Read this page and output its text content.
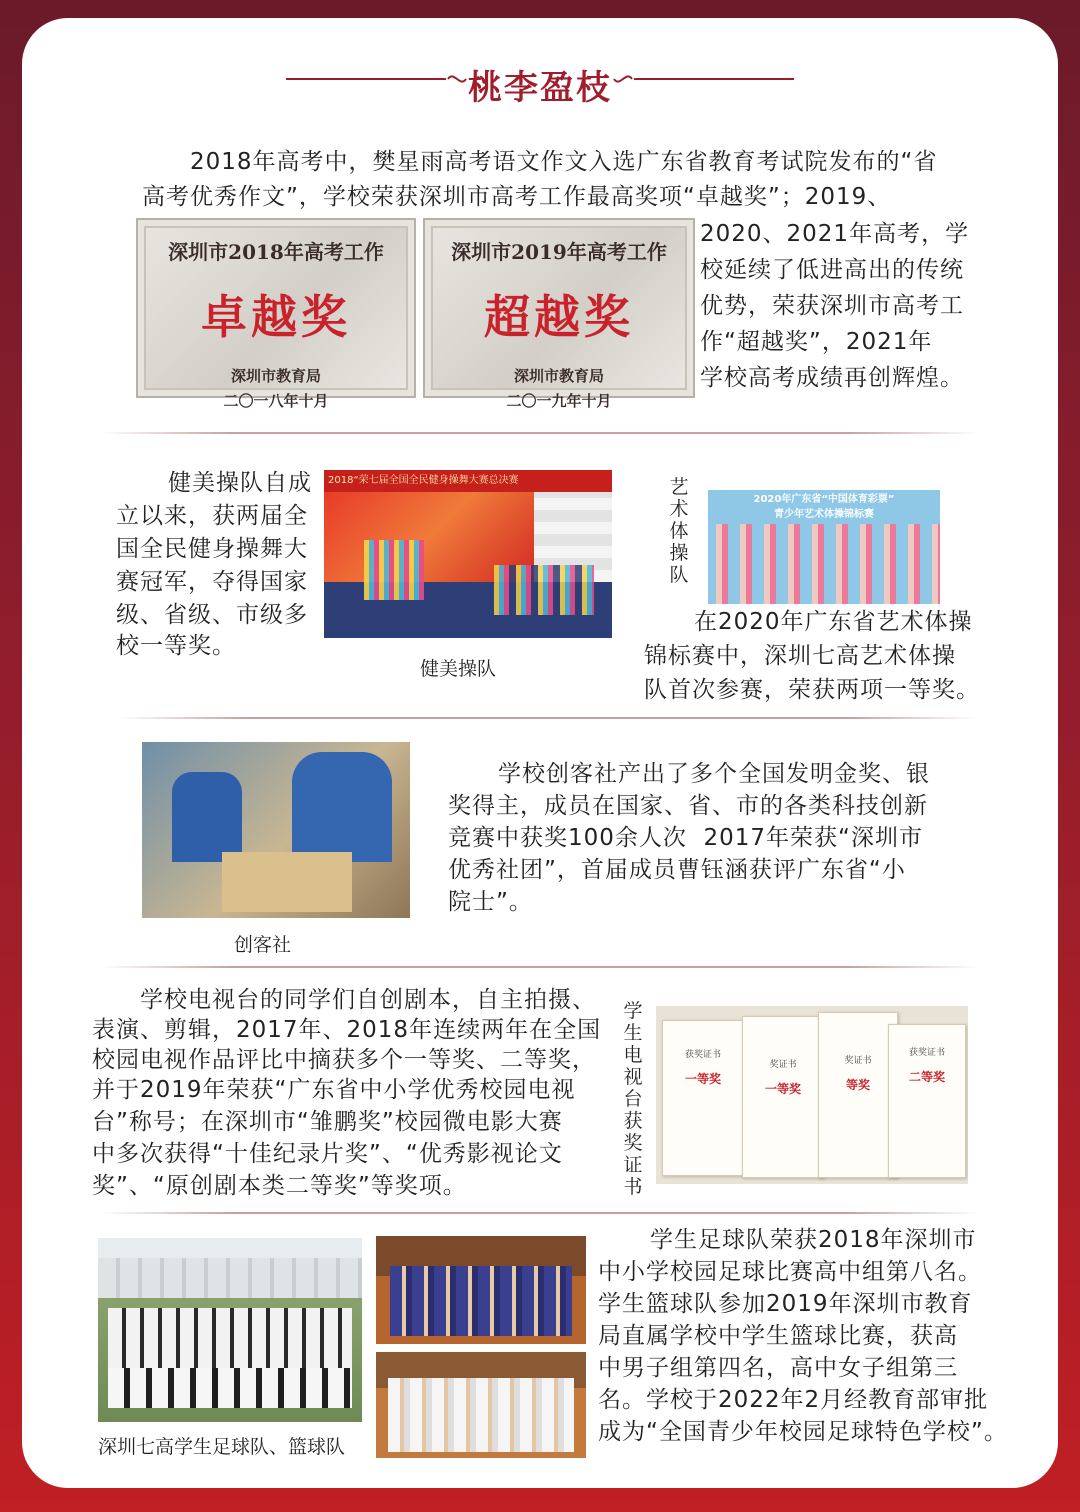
桃李盈枝
2018年高考中，樊星雨高考语文作文入选广东省教育考试院发布的“省
高考优秀作文”，学校荣获深圳市高考工作最高奖项“卓越奖”；2019、
2020、2021年高考，学
校延续了低进高出的传统
优势，荣获深圳市高考工
作“超越奖”，2021年
学校高考成绩再创辉煌。
深圳市2018年高考工作
卓越奖
深圳市教育局
二〇一八年十月
深圳市2019年高考工作
超越奖
深圳市教育局
二〇一九年十月
健美操队自成
立以来，获两届全
国全民健身操舞大
赛冠军，夺得国家
级、省级、市级多
校一等奖。
2018“荣七届全国全民健身操舞大赛总决赛
健美操队
艺术体操队
2020年广东省“中国体育彩票”
青少年艺术体操锦标赛
在2020年广东省艺术体操
锦标赛中，深圳七高艺术体操
队首次参赛，荣获两项一等奖。
创客社
学校创客社产出了多个全国发明金奖、银
奖得主，成员在国家、省、市的各类科技创新
竞赛中获奖100余人次  2017年荣获“深圳市
优秀社团”，首届成员曹钰涵获评广东省“小
院士”。
学校电视台的同学们自创剧本，自主拍摄、
表演、剪辑，2017年、2018年连续两年在全国
校园电视作品评比中摘获多个一等奖、二等奖，
并于2019年荣获“广东省中小学优秀校园电视
台”称号；在深圳市“雏鹏奖”校园微电影大赛
中多次获得“十佳纪录片奖”、“优秀影视论文
奖”、“原创剧本类二等奖”等奖项。
学生电视台获奖证书
获奖证书
一等奖
奖证书
一等奖
奖证书
等奖
获奖证书
二等奖
深圳七高学生足球队、篮球队
学生足球队荣获2018年深圳市
中小学校园足球比赛高中组第八名。
学生篮球队参加2019年深圳市教育
局直属学校中学生篮球比赛，获高
中男子组第四名，高中女子组第三
名。学校于2022年2月经教育部审批
成为“全国青少年校园足球特色学校”。
